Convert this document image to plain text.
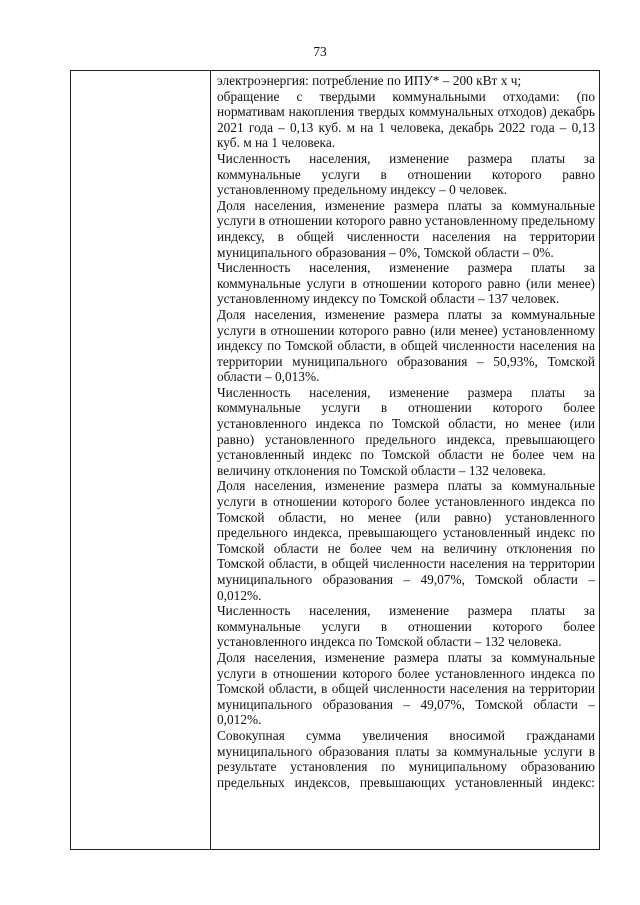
73

электроэнергия: потребление по ИПУ* – 200 кВт х ч;

обращение с твердыми коммунальными отходами: (по нормативам накопления твердых коммунальных отходов) декабрь 2021 года – 0,13 куб. м на 1 человека, декабрь 2022 года – 0,13 куб. м на 1 человека.

Численность населения, изменение размера платы за коммунальные услуги в отношении которого равно установленному предельному индексу – 0 человек.

Доля населения, изменение размера платы за коммунальные услуги в отношении которого равно установленному предельному индексу, в общей численности населения на территории муниципального образования – 0%, Томской области – 0%.

Численность населения, изменение размера платы за коммунальные услуги в отношении которого равно (или менее) установленному индексу по Томской области – 137 человек.

Доля населения, изменение размера платы за коммунальные услуги в отношении которого равно (или менее) установленному индексу по Томской области, в общей численности населения на территории муниципального образования – 50,93%, Томской области – 0,013%.

Численность населения, изменение размера платы за коммунальные услуги в отношении которого более установленного индекса по Томской области, но менее (или равно) установленного предельного индекса, превышающего установленный индекс по Томской области не более чем на величину отклонения по Томской области – 132 человека.

Доля населения, изменение размера платы за коммунальные услуги в отношении которого более установленного индекса по Томской области, но менее (или равно) установленного предельного индекса, превышающего установленный индекс по Томской области не более чем на величину отклонения по Томской области, в общей численности населения на территории муниципального образования – 49,07%, Томской области – 0,012%.

Численность населения, изменение размера платы за коммунальные услуги в отношении которого более установленного индекса по Томской области – 132 человека.

Доля населения, изменение размера платы за коммунальные услуги в отношении которого более установленного индекса по Томской области, в общей численности населения на территории муниципального образования – 49,07%, Томской области – 0,012%.

Совокупная сумма увеличения вносимой гражданами муниципального образования платы за коммунальные услуги в результате установления по муниципальному образованию предельных индексов, превышающих установленный индекс:
